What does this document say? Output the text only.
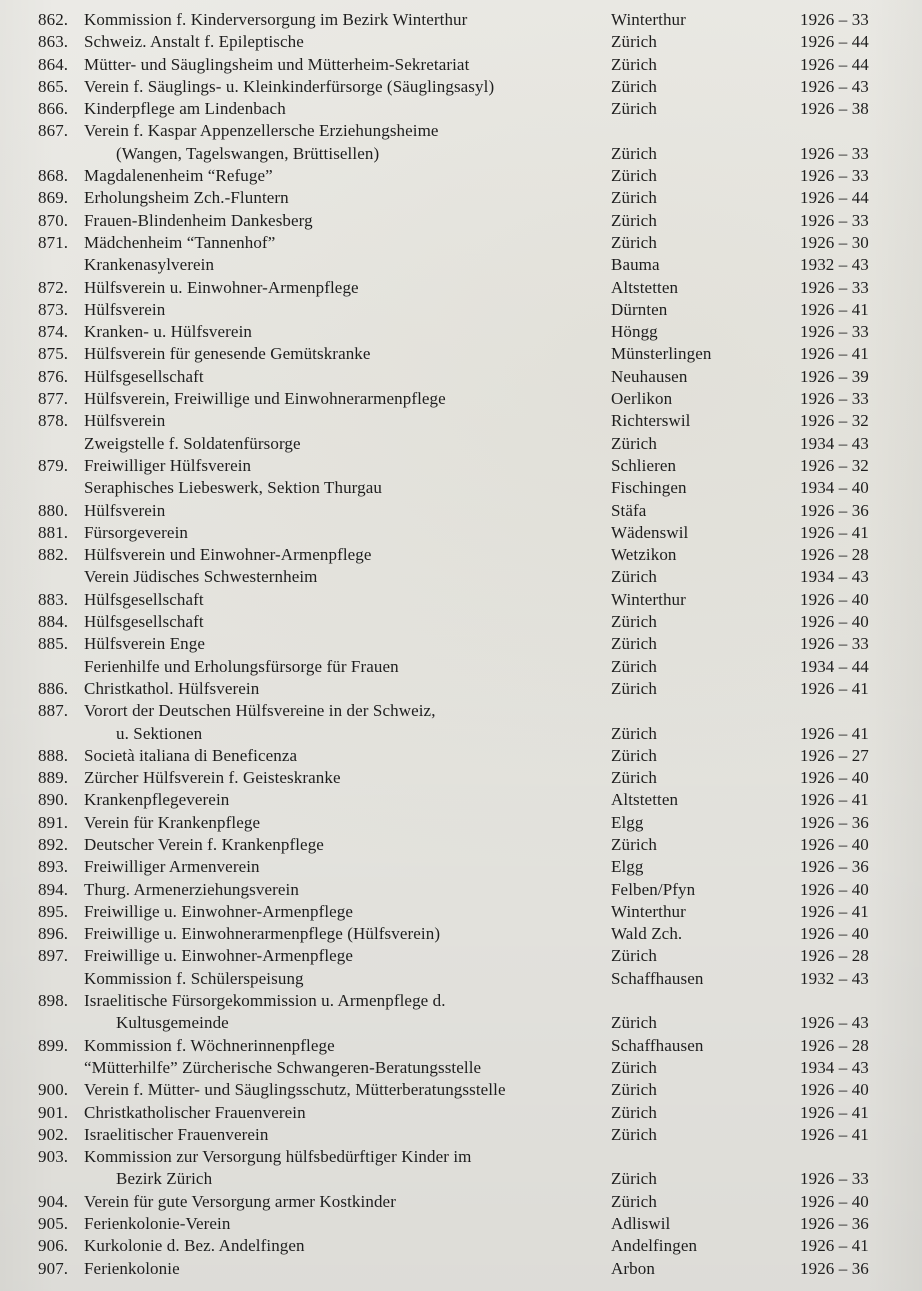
862. Kommission f. Kinderversorgung im Bezirk Winterthur	Winterthur	1926 – 33
863. Schweiz. Anstalt f. Epileptische	Zürich	1926 – 44
864. Mütter- und Säuglingsheim und Mütterheim-Sekretariat	Zürich	1926 – 44
865. Verein f. Säuglings- u. Kleinkinderfürsorge (Säuglingsasyl)	Zürich	1926 – 43
866. Kinderpflege am Lindenbach	Zürich	1926 – 38
867. Verein f. Kaspar Appenzellersche Erziehungsheime
(Wangen, Tagelswangen, Brüttisellen)	Zürich	1926 – 33
868. Magdalenenheim “Refuge”	Zürich	1926 – 33
869. Erholungsheim Zch.-Fluntern	Zürich	1926 – 44
870. Frauen-Blindenheim Dankesberg	Zürich	1926 – 33
871. Mädchenheim “Tannenhof”	Zürich	1926 – 30
Krankenasylverein	Bauma	1932 – 43
872. Hülfsverein u. Einwohner-Armenpflege	Altstetten	1926 – 33
873. Hülfsverein	Dürnten	1926 – 41
874. Kranken- u. Hülfsverein	Höngg	1926 – 33
875. Hülfsverein für genesende Gemütskranke	Münsterlingen	1926 – 41
876. Hülfsgesellschaft	Neuhausen	1926 – 39
877. Hülfsverein, Freiwillige und Einwohnerarmenpflege	Oerlikon	1926 – 33
878. Hülfsverein	Richterswil	1926 – 32
Zweigstelle f. Soldatenfürsorge	Zürich	1934 – 43
879. Freiwilliger Hülfsverein	Schlieren	1926 – 32
Seraphisches Liebeswerk, Sektion Thurgau	Fischingen	1934 – 40
880. Hülfsverein	Stäfa	1926 – 36
881. Fürsorgeverein	Wädenswil	1926 – 41
882. Hülfsverein und Einwohner-Armenpflege	Wetzikon	1926 – 28
Verein Jüdisches Schwesternheim	Zürich	1934 – 43
883. Hülfsgesellschaft	Winterthur	1926 – 40
884. Hülfsgesellschaft	Zürich	1926 – 40
885. Hülfsverein Enge	Zürich	1926 – 33
Ferienhilfe und Erholungsfürsorge für Frauen	Zürich	1934 – 44
886. Christkathol. Hülfsverein	Zürich	1926 – 41
887. Vorort der Deutschen Hülfsvereine in der Schweiz,
u. Sektionen	Zürich	1926 – 41
888. Società italiana di Beneficenza	Zürich	1926 – 27
889. Zürcher Hülfsverein f. Geisteskranke	Zürich	1926 – 40
890. Krankenpflegeverein	Altstetten	1926 – 41
891. Verein für Krankenpflege	Elgg	1926 – 36
892. Deutscher Verein f. Krankenpflege	Zürich	1926 – 40
893. Freiwilliger Armenverein	Elgg	1926 – 36
894. Thurg. Armenerziehungsverein	Felben/Pfyn	1926 – 40
895. Freiwillige u. Einwohner-Armenpflege	Winterthur	1926 – 41
896. Freiwillige u. Einwohnerarmenpflege (Hülfsverein)	Wald Zch.	1926 – 40
897. Freiwillige u. Einwohner-Armenpflege	Zürich	1926 – 28
Kommission f. Schülerspeisung	Schaffhausen	1932 – 43
898. Israelitische Fürsorgekommission u. Armenpflege d.
Kultusgemeinde	Zürich	1926 – 43
899. Kommission f. Wöchnerinnenpflege	Schaffhausen	1926 – 28
“Mütterhilfe” Zürcherische Schwangeren-Beratungsstelle	Zürich	1934 – 43
900. Verein f. Mütter- und Säuglingsschutz, Mütterberatungsstelle	Zürich	1926 – 40
901. Christkatholischer Frauenverein	Zürich	1926 – 41
902. Israelitischer Frauenverein	Zürich	1926 – 41
903. Kommission zur Versorgung hülfsbedürftiger Kinder im
Bezirk Zürich	Zürich	1926 – 33
904. Verein für gute Versorgung armer Kostkinder	Zürich	1926 – 40
905. Ferienkolonie-Verein	Adliswil	1926 – 36
906. Kurkolonie d. Bez. Andelfingen	Andelfingen	1926 – 41
907. Ferienkolonie	Arbon	1926 – 36
